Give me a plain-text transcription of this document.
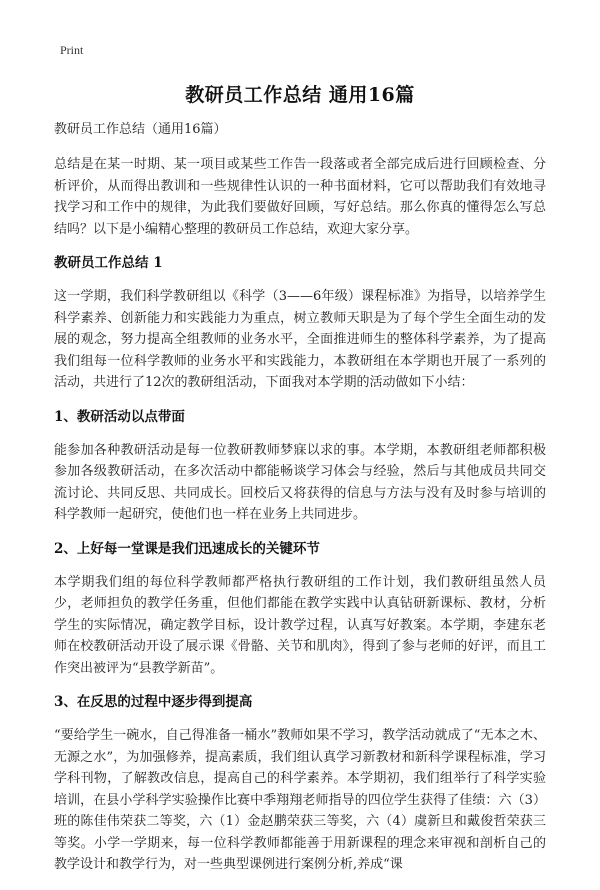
Print
教研员工作总结 通用16篇
教研员工作总结（通用16篇）

总结是在某一时期、某一项目或某些工作告一段落或者全部完成后进行回顾检查、分析评价，从而得出教训和一些规律性认识的一种书面材料，它可以帮助我们有效地寻找学习和工作中的规律，为此我们要做好回顾，写好总结。那么你真的懂得怎么写总结吗？以下是小编精心整理的教研员工作总结，欢迎大家分享。

教研员工作总结 1

这一学期，我们科学教研组以《科学（3——6年级）课程标准》为指导，以培养学生科学素养、创新能力和实践能力为重点，树立教师天职是为了每个学生全面生动的发展的观念，努力提高全组教师的业务水平，全面推进师生的整体科学素养，为了提高我们组每一位科学教师的业务水平和实践能力，本教研组在本学期也开展了一系列的活动，共进行了12次的教研组活动，下面我对本学期的活动做如下小结：

1、教研活动以点带面

能参加各种教研活动是每一位教研教师梦寐以求的事。本学期，本教研组老师都积极参加各级教研活动，在多次活动中都能畅谈学习体会与经验，然后与其他成员共同交流讨论、共同反思、共同成长。回校后又将获得的信息与方法与没有及时参与培训的科学教师一起研究，使他们也一样在业务上共同进步。

2、上好每一堂课是我们迅速成长的关键环节

本学期我们组的每位科学教师都严格执行教研组的工作计划，我们教研组虽然人员少，老师担负的教学任务重，但他们都能在教学实践中认真钻研新课标、教材，分析学生的实际情况，确定教学目标，设计教学过程，认真写好教案。本学期，李建东老师在校教研活动开设了展示课《骨骼、关节和肌肉》，得到了参与老师的好评，而且工作突出被评为“县教学新苗”。

3、在反思的过程中逐步得到提高

“要给学生一碗水，自己得准备一桶水”教师如果不学习，教学活动就成了“无本之木、无源之水”，为加强修养，提高素质，我们组认真学习新教材和新科学课程标准，学习学科刊物，了解教改信息，提高自己的科学素养。本学期初，我们组举行了科学实验培训，在县小学科学实验操作比赛中季翔翔老师指导的四位学生获得了佳绩：六（3）班的陈佳伟荣获二等奖，六（1）金赵鹏荣获三等奖，六（4）虞新旦和戴俊哲荣获三等奖。小学一学期来，每一位科学教师都能善于用新课程的理念来审视和剖析自己的教学设计和教学行为，对一些典型课例进行案例分析,养成“课
